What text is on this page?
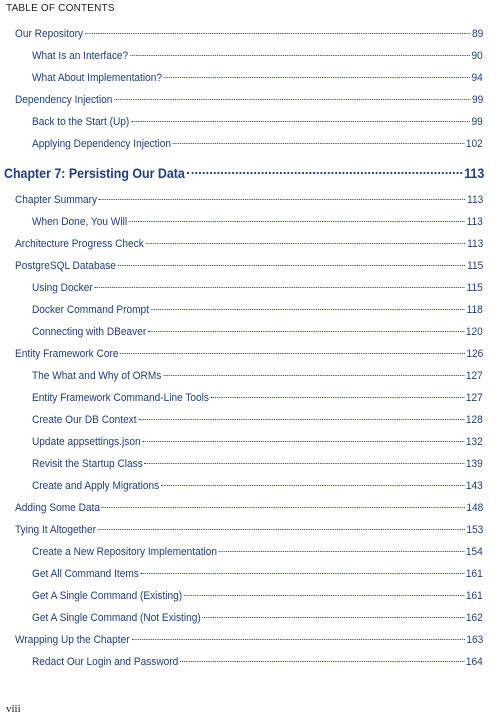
TABLE OF CONTENTS
Our Repository	89
What Is an Interface?	90
What About Implementation?	94
Dependency Injection	99
Back to the Start (Up)	99
Applying Dependency Injection	102
Chapter 7: Persisting Our Data	113
Chapter Summary	113
When Done, You Will	113
Architecture Progress Check	113
PostgreSQL Database	115
Using Docker	115
Docker Command Prompt	118
Connecting with DBeaver	120
Entity Framework Core	126
The What and Why of ORMs	127
Entity Framework Command-Line Tools	127
Create Our DB Context	128
Update appsettings.json	132
Revisit the Startup Class	139
Create and Apply Migrations	143
Adding Some Data	148
Tying It Altogether	153
Create a New Repository Implementation	154
Get All Command Items	161
Get A Single Command (Existing)	161
Get A Single Command (Not Existing)	162
Wrapping Up the Chapter	163
Redact Our Login and Password	164
viii
